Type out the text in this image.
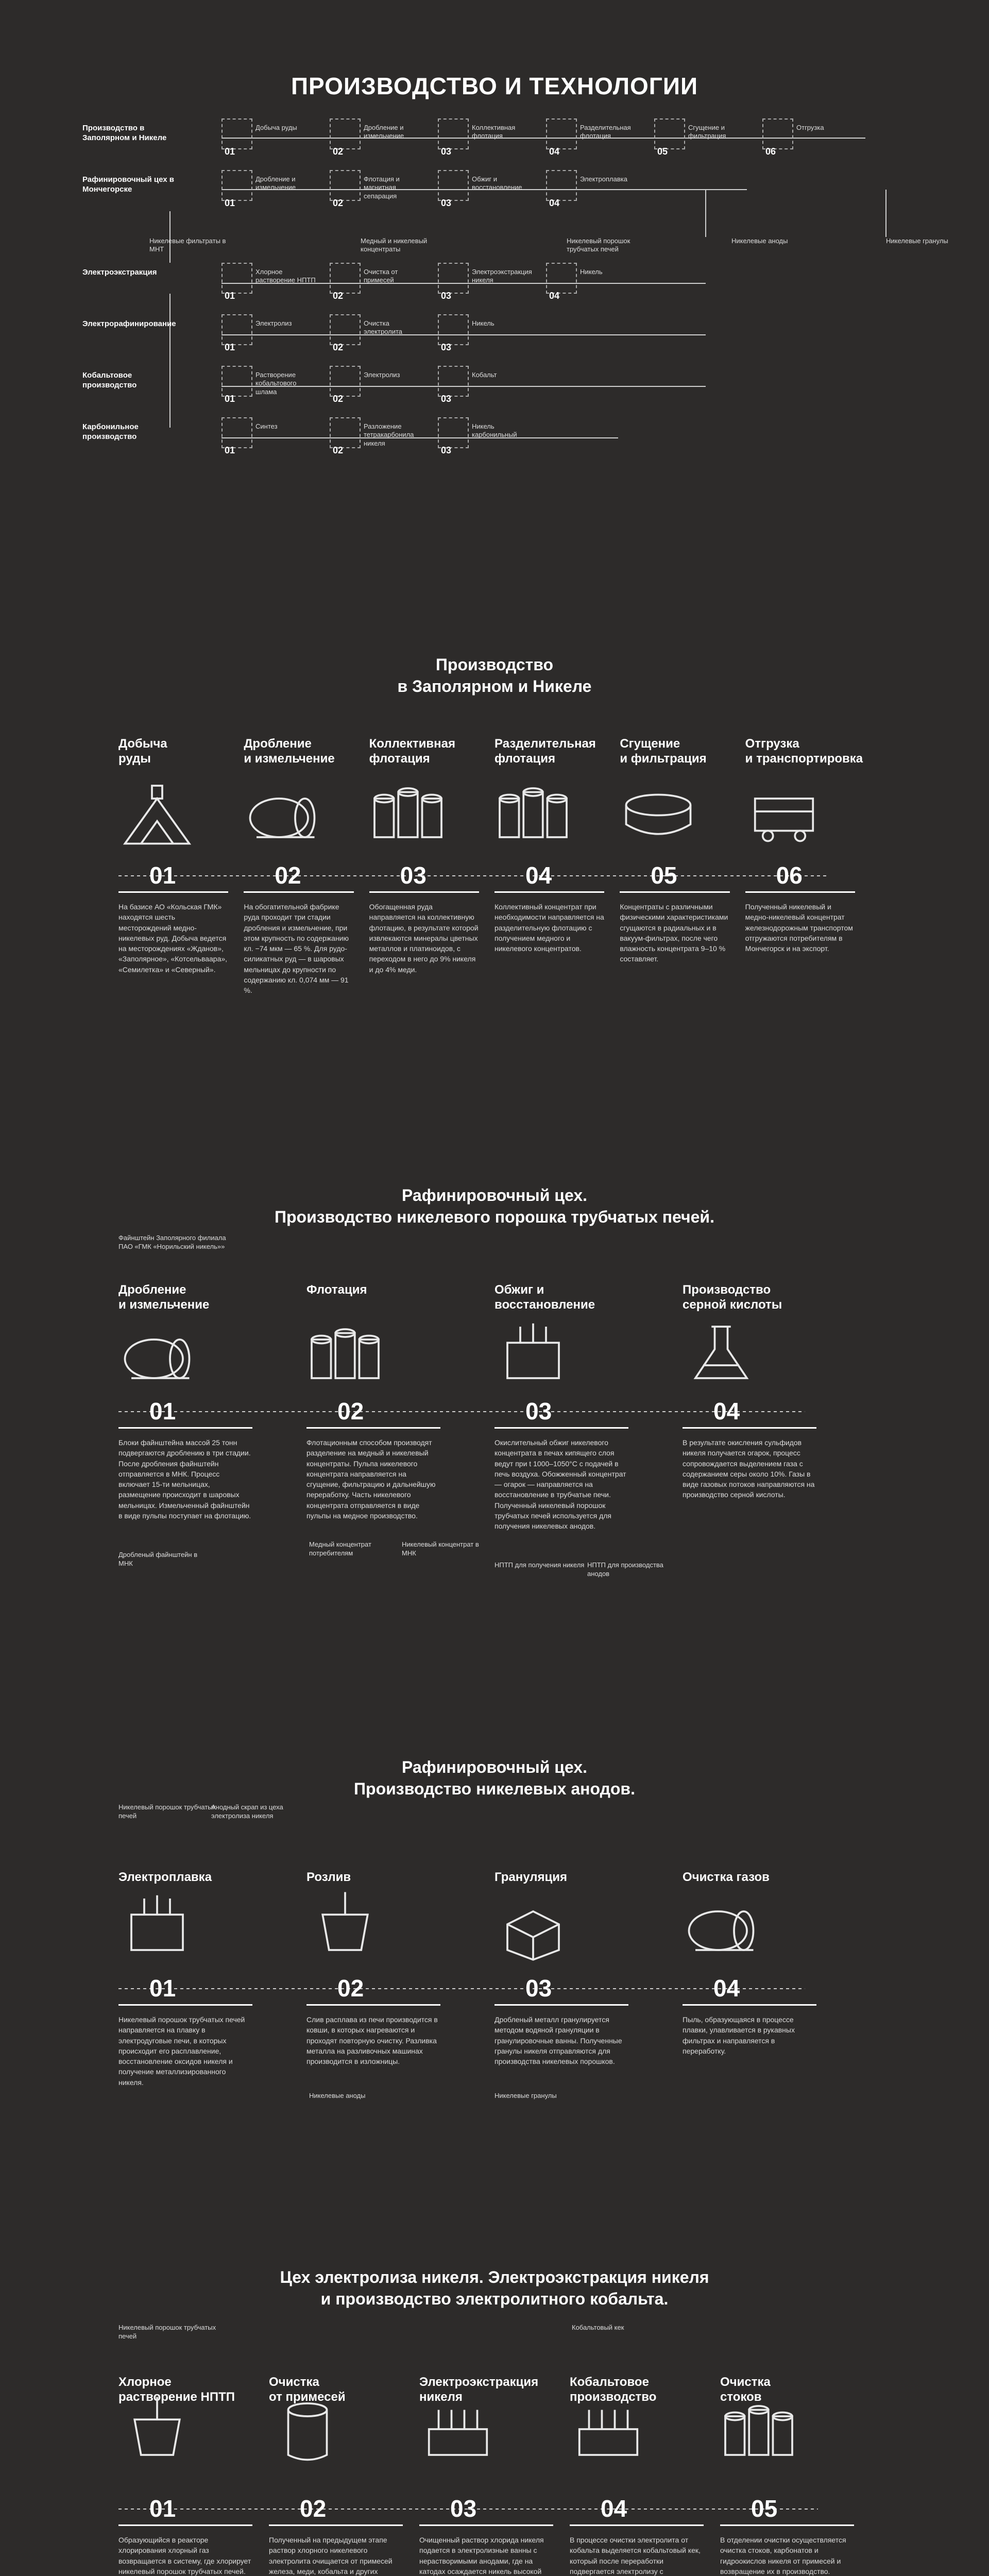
ПРОИЗВОДСТВО И ТЕХНОЛОГИИ
Производство в Заполярном и Никеле
01
Добыча руды
02
Дробление и измельчение
03
Коллективная флотация
04
Разделительная флотация
05
Сгущение и фильтрация
06
Отгрузка
Рафинировочный цех в Мончегорске
01
Дробление и измельчение
02
Флотация и магнитная сепарация
03
Обжиг и восстановление
04
Электроплавка
Электроэкстракция
01
Хлорное растворение НПТП
02
Очистка от примесей
03
Электроэкстракция никеля
04
Никель
Электрорафинирование
01
Электролиз
02
Очистка электролита
03
Никель
Кобальтовое производство
01
Растворение кобальтового шлама
02
Электролиз
03
Кобальт
Карбонильное производство
01
Синтез
02
Разложение тетракарбонила никеля
03
Никель карбонильный
Никелевые фильтраты в МНТ
Медный и никелевый концентраты
Никелевый порошок трубчатых печей
Никелевые аноды	Никелевые гранулы
Производство
в Заполярном и Никеле
Добыча
руды
01
На базисе АО «Кольская ГМК» находятся шесть месторождений медно-никелевых руд. Добыча ведется на месторождениях «Жданов», «Заполярное», «Котсельваара», «Семилетка» и «Северный».
Дробление
и измельчение
02
На обогатительной фабрике руда проходит три стадии дробления и измельчение, при этом крупность по содержанию кл. −74 мкм — 65 %. Для рудо-силикатных руд — в шаровых мельницах до крупности по содержанию кл. 0,074 мм — 91 %.
Коллективная
флотация
03
Обогащенная руда направляется на коллективную флотацию, в результате которой извлекаются минералы цветных металлов и платиноидов, с переходом в него до 9% никеля и до 4% меди.
Разделительная
флотация
04
Коллективный концентрат при необходимости направляется на разделительную флотацию с получением медного и никелевого концентратов.
Сгущение
и фильтрация
05
Концентраты с различными физическими характеристиками сгущаются в радиальных и в вакуум-фильтрах, после чего влажность концентрата 9–10 % составляет.
Отгрузка
и транспортировка
06
Полученный никелевый и медно-никелевый концентрат железнодорожным транспортом отгружаются потребителям в Мончегорск и на экспорт.
Рафинировочный цех.
Производство никелевого порошка трубчатых печей.
Файнштейн Заполярного филиала ПАО «ГМК «Норильский никель»»
Дробление
и измельчение
01
Блоки файнштейна массой 25 тонн подвергаются дроблению в три стадии. После дробления файнштейн отправляется в МНК. Процесс включает 15-ти мельницах, размещение происходит в шаровых мельницах. Измельченный файнштейн в виде пульпы поступает на флотацию.
Флотация
02
Флотационным способом производят разделение на медный и никелевый концентраты. Пульпа никелевого концентрата направляется на сгущение, фильтрацию и дальнейшую переработку. Часть никелевого концентрата отправляется в виде пульпы на медное производство.
Обжиг и
восстановление
03
Окислительный обжиг никелевого концентрата в печах кипящего слоя ведут при t 1000–1050°С с подачей в печь воздуха. Обожженный концентрат — огарок — направляется на восстановление в трубчатые печи. Полученный никелевый порошок трубчатых печей используется для получения никелевых анодов.
Производство
серной кислоты
04
В результате окисления сульфидов никеля получается огарок, процесс сопровождается выделением газа с содержанием серы около 10%. Газы в виде газовых потоков направляются на производство серной кислоты.
Медный концентрат потребителям
Никелевый концентрат в МНК
НПТП для получения никеля НПТП для производства анодов
Дробленый файнштейн в МНК
Рафинировочный цех.
Производство никелевых анодов.
Электроплавка
01
Никелевый порошок трубчатых печей направляется на плавку в электродуговые печи, в которых происходит его расплавление, восстановление оксидов никеля и получение металлизированного никеля.
Розлив
02
Слив расплава из печи производится в ковши, в которых нагреваются и проходят повторную очистку. Разливка металла на разливочных машинах производится в изложницы.
Грануляция
03
Дробленый металл гранулируется методом водяной грануляции в гранулировочные ванны. Полученные гранулы никеля отправляются для производства никелевых порошков.
Очистка газов
04
Пыль, образующаяся в процессе плавки, улавливается в рукавных фильтрах и направляется в переработку.
Никелевый порошок трубчатых печей
Анодный скрап из цеха электролиза никеля
Никелевые аноды	Никелевые гранулы
Цех электролиза никеля. Электроэкстракция никеля
и производство электролитного кобальта.
Хлорное
растворение НПТП
01
Образующийся в реакторе хлорирования хлорный газ возвращается в систему, где хлорирует никелевый порошок трубчатых печей.
Очистка
от примесей
02
Полученный на предыдущем этапе раствор хлорного никелевого электролита очищается от примесей железа, меди, кобальта и других
Электроэкстракция
никеля
03
Очищенный раствор хлорида никеля подается в электролизные ванны с нерастворимыми анодами, где на катодах осаждается никель высокой
Кобальтовое
производство
04
В процессе очистки электролита от кобальта выделяется кобальтовый кек, который после переработки подвергается электролизу с
Очистка
стоков
05
В отделении очистки осуществляется очистка стоков, карбонатов и гидроокислов никеля от примесей и возвращение их в производство.
Никелевый порошок трубчатых печей
Кобальтовый кек
